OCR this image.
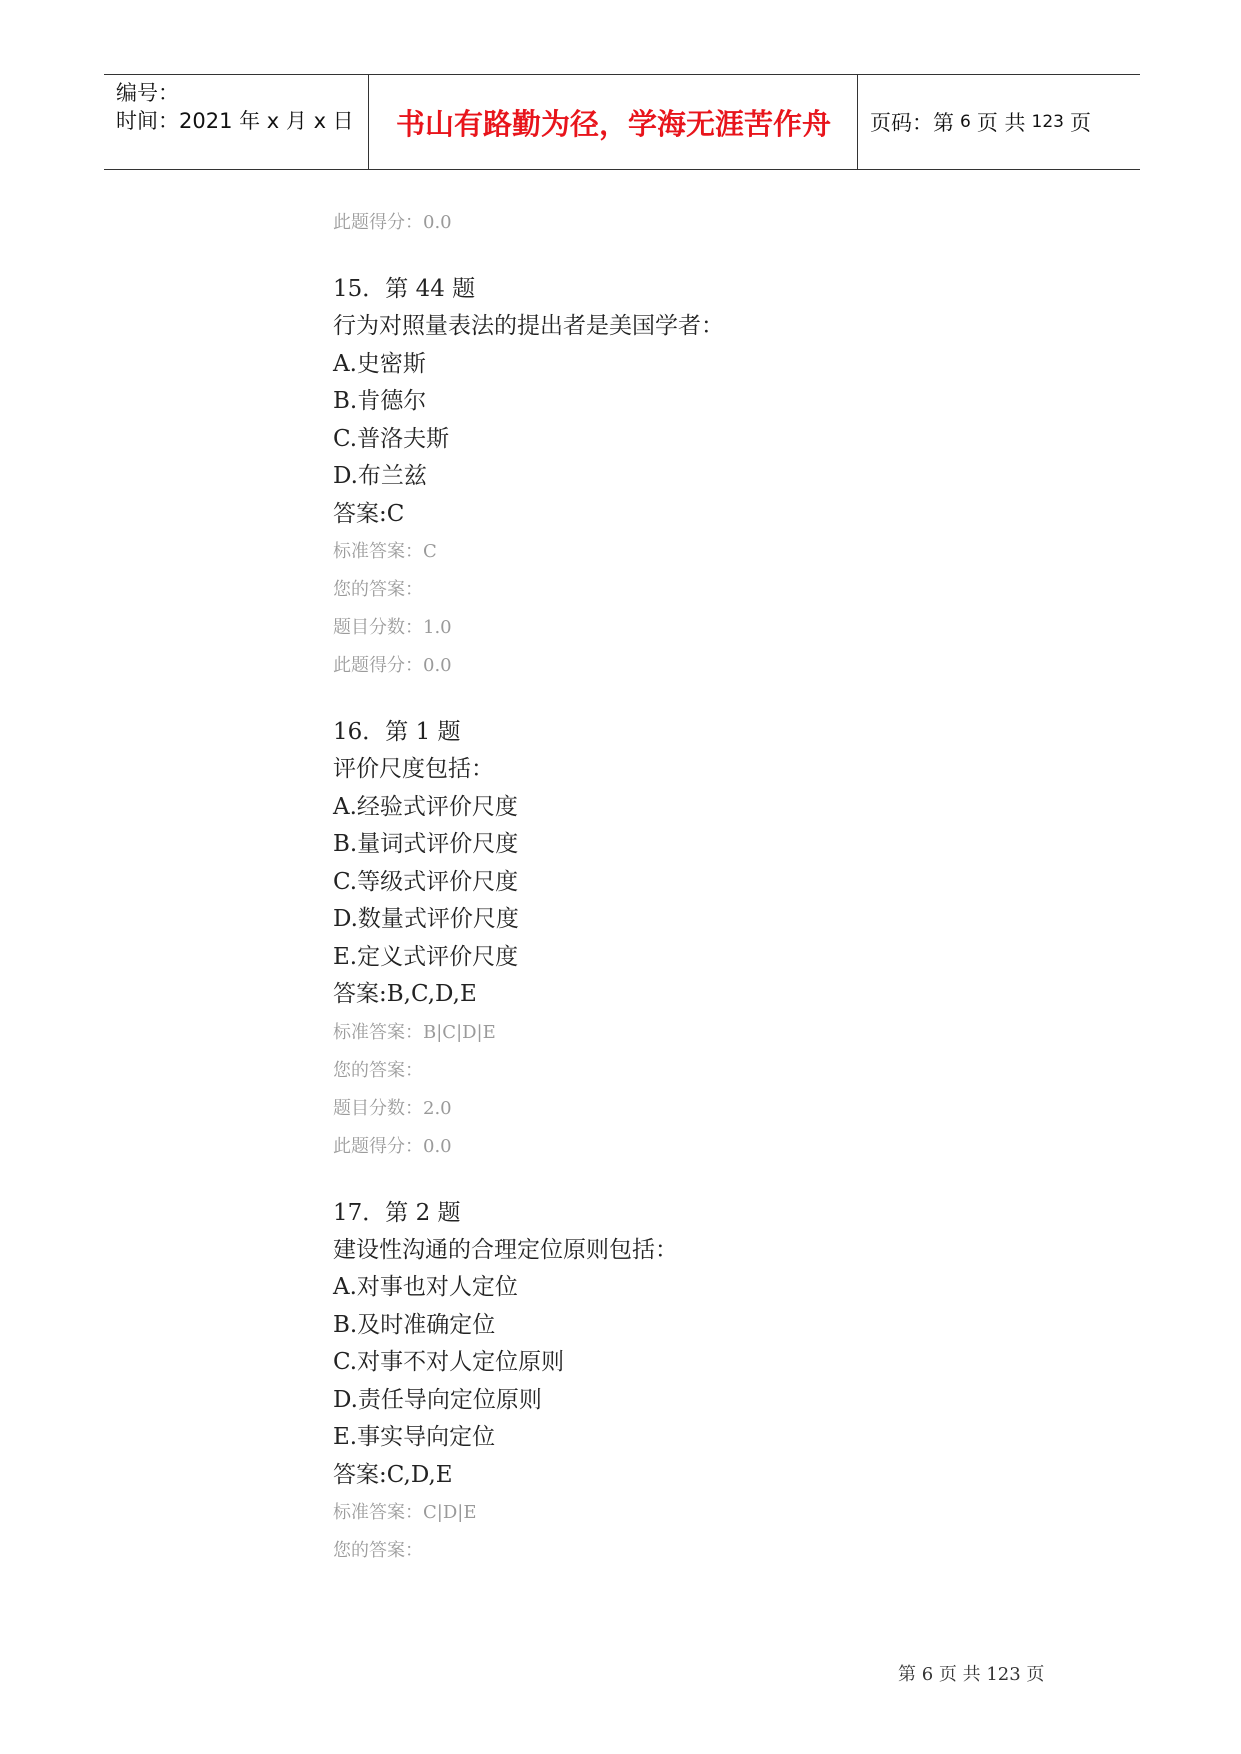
编号：
时间：2021 年 x 月 x 日	书山有路勤为径，学海无涯苦作舟	页码：第 6 页 共 123 页
此题得分：0.0
15．第 44 题
行为对照量表法的提出者是美国学者：
A.史密斯
B.肯德尔
C.普洛夫斯
D.布兰兹
答案:C
标准答案：C
您的答案：
题目分数：1.0
此题得分：0.0
16．第 1 题
评价尺度包括：
A.经验式评价尺度
B.量词式评价尺度
C.等级式评价尺度
D.数量式评价尺度
E.定义式评价尺度
答案:B,C,D,E
标准答案：B|C|D|E
您的答案：
题目分数：2.0
此题得分：0.0
17．第 2 题
建设性沟通的合理定位原则包括：
A.对事也对人定位
B.及时准确定位
C.对事不对人定位原则
D.责任导向定位原则
E.事实导向定位
答案:C,D,E
标准答案：C|D|E
您的答案：
第 6 页 共 123 页
